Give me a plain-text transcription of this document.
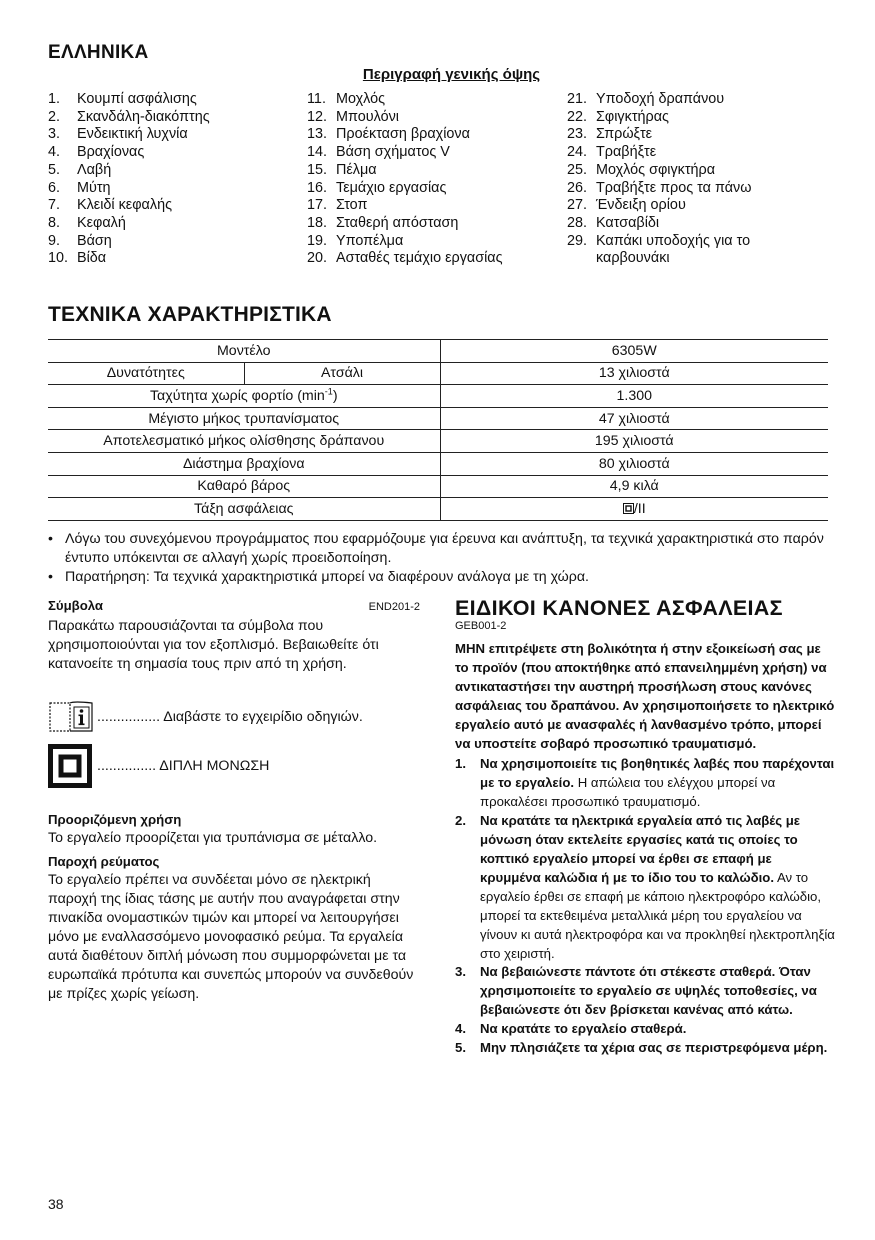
ΕΛΛΗΝΙΚΑ
Περιγραφή γενικής όψης
1.	Κουμπί ασφάλισης
2.	Σκανδάλη-διακόπτης
3.	Ενδεικτική λυχνία
4.	Βραχίονας
5.	Λαβή
6.	Μύτη
7.	Κλειδί κεφαλής
8.	Κεφαλή
9.	Βάση
10. Βίδα
11. Μοχλός
12. Μπουλόνι
13. Προέκταση βραχίονα
14. Βάση σχήματος V
15. Πέλμα
16. Τεμάχιο εργασίας
17. Στοπ
18. Σταθερή απόσταση
19. Υποπέλμα
20. Ασταθές τεμάχιο εργασίας
21. Υποδοχή δραπάνου
22. Σφιγκτήρας
23. Σπρώξτε
24. Τραβήξτε
25. Μοχλός σφιγκτήρα
26. Τραβήξτε προς τα πάνω
27. Ένδειξη ορίου
28. Κατσαβίδι
29. Καπάκι υποδοχής για το καρβουνάκι
ΤΕΧΝΙΚΑ ΧΑΡΑΚΤΗΡΙΣΤΙΚΑ
Μοντέλο		6305W
Δυνατότητες	Ατσάλι	13 χιλιοστά
Ταχύτητα χωρίς φορτίο $(\min^{-1})$		1.300
Μέγιστο μήκος τρυπανίσματος		47 χιλιοστά
Αποτελεσματικό μήκος ολίσθησης δράπανου		195 χιλιοστά
Διάστημα βραχίονα		80 χιλιοστά
Καθαρό βάρος		4,9 κιλά
Τάξη ασφάλειας		/II
• Λόγω του συνεχόμενου προγράμματος που εφαρμόζουμε για έρευνα και ανάπτυξη, τα τεχνικά χαρακτηριστικά στο παρόν έντυπο υπόκεινται σε αλλαγή χωρίς προειδοποίηση.
• Παρατήρηση: Τα τεχνικά χαρακτηριστικά μπορεί να διαφέρουν ανάλογα με τη χώρα.
Σύμβολα	END201-2
Παρακάτω παρουσιάζονται τα σύμβολα που χρησιμοποιούνται για τον εξοπλισμό. Βεβαιωθείτε ότι κατανοείτε τη σημασία τους πριν από τη χρήση.
................ Διαβάστε το εγχειρίδιο οδηγιών.
............... ΔΙΠΛΗ ΜΟΝΩΣΗ
Προοριζόμενη χρήση
Το εργαλείο προορίζεται για τρυπάνισμα σε μέταλλο.
Παροχή ρεύματος
Το εργαλείο πρέπει να συνδέεται μόνο σε ηλεκτρική παροχή της ίδιας τάσης με αυτήν που αναγράφεται στην πινακίδα ονομαστικών τιμών και μπορεί να λειτουργήσει μόνο με εναλλασσόμενο μονοφασικό ρεύμα. Τα εργαλεία αυτά διαθέτουν διπλή μόνωση που συμμορφώνεται με τα ευρωπαϊκά πρότυπα και συνεπώς μπορούν να συνδεθούν με πρίζες χωρίς γείωση.
ΕΙΔΙΚΟΙ ΚΑΝΟΝΕΣ ΑΣΦΑΛΕΙΑΣ
GEB001-2
ΜΗΝ επιτρέψετε στη βολικότητα ή στην εξοικείωσή σας με το προϊόν (που αποκτήθηκε από επανειλημμένη χρήση) να αντικαταστήσει την αυστηρή προσήλωση στους κανόνες ασφάλειας του δραπάνου. Αν χρησιμοποιήσετε το ηλεκτρικό εργαλείο αυτό με ανασφαλές ή λανθασμένο τρόπο, μπορεί να υποστείτε σοβαρό προσωπικό τραυματισμό.
1.	Να χρησιμοποιείτε τις βοηθητικές λαβές που παρέχονται με το εργαλείο. Η απώλεια του ελέγχου μπορεί να προκαλέσει προσωπικό τραυματισμό.
2.	Να κρατάτε τα ηλεκτρικά εργαλεία από τις λαβές με μόνωση όταν εκτελείτε εργασίες κατά τις οποίες το κοπτικό εργαλείο μπορεί να έρθει σε επαφή με κρυμμένα καλώδια ή με το ίδιο του το καλώδιο. Αν το εργαλείο έρθει σε επαφή με κάποιο ηλεκτροφόρο καλώδιο, μπορεί τα εκτεθειμένα μεταλλικά μέρη του εργαλείου να γίνουν κι αυτά ηλεκτροφόρα και να προκληθεί ηλεκτροπληξία στο χειριστή.
3.	Να βεβαιώνεστε πάντοτε ότι στέκεστε σταθερά. Όταν χρησιμοποιείτε το εργαλείο σε υψηλές τοποθεσίες, να βεβαιώνεστε ότι δεν βρίσκεται κανένας από κάτω.
4.	Να κρατάτε το εργαλείο σταθερά.
5.	Μην πλησιάζετε τα χέρια σας σε περιστρεφόμενα μέρη.
38
